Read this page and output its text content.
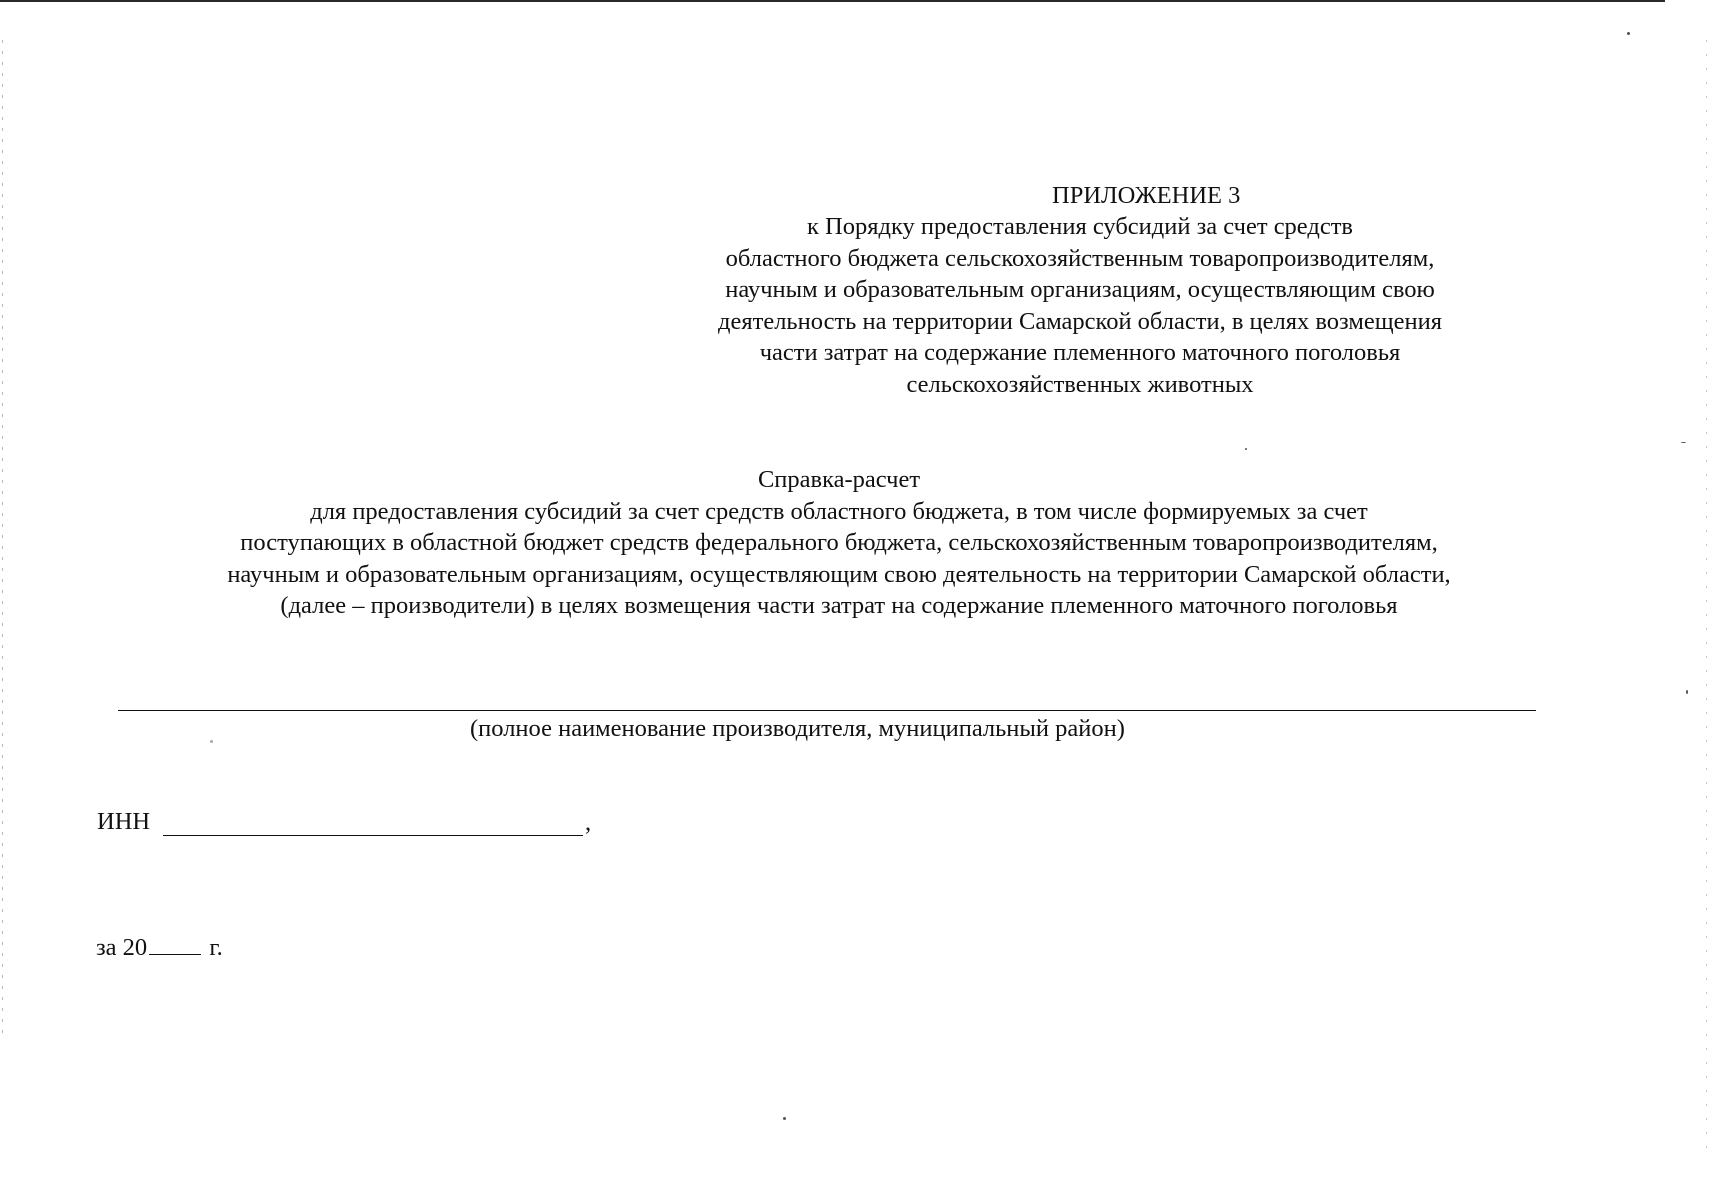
ПРИЛОЖЕНИЕ 3
к Порядку предоставления субсидий за счет средств
областного бюджета сельскохозяйственным товаропроизводителям,
научным и образовательным организациям, осуществляющим свою
деятельность на территории Самарской области, в целях возмещения
части затрат на содержание племенного маточного поголовья
сельскохозяйственных животных
Справка-расчет
для предоставления субсидий за счет средств областного бюджета, в том числе формируемых за счет
поступающих в областной бюджет средств федерального бюджета, сельскохозяйственным товаропроизводителям,
научным и образовательным организациям, осуществляющим свою деятельность на территории Самарской области,
(далее – производители) в целях возмещения части затрат на содержание племенного маточного поголовья
(полное наименование производителя, муниципальный район)
ИНН	,
за 20	г.
